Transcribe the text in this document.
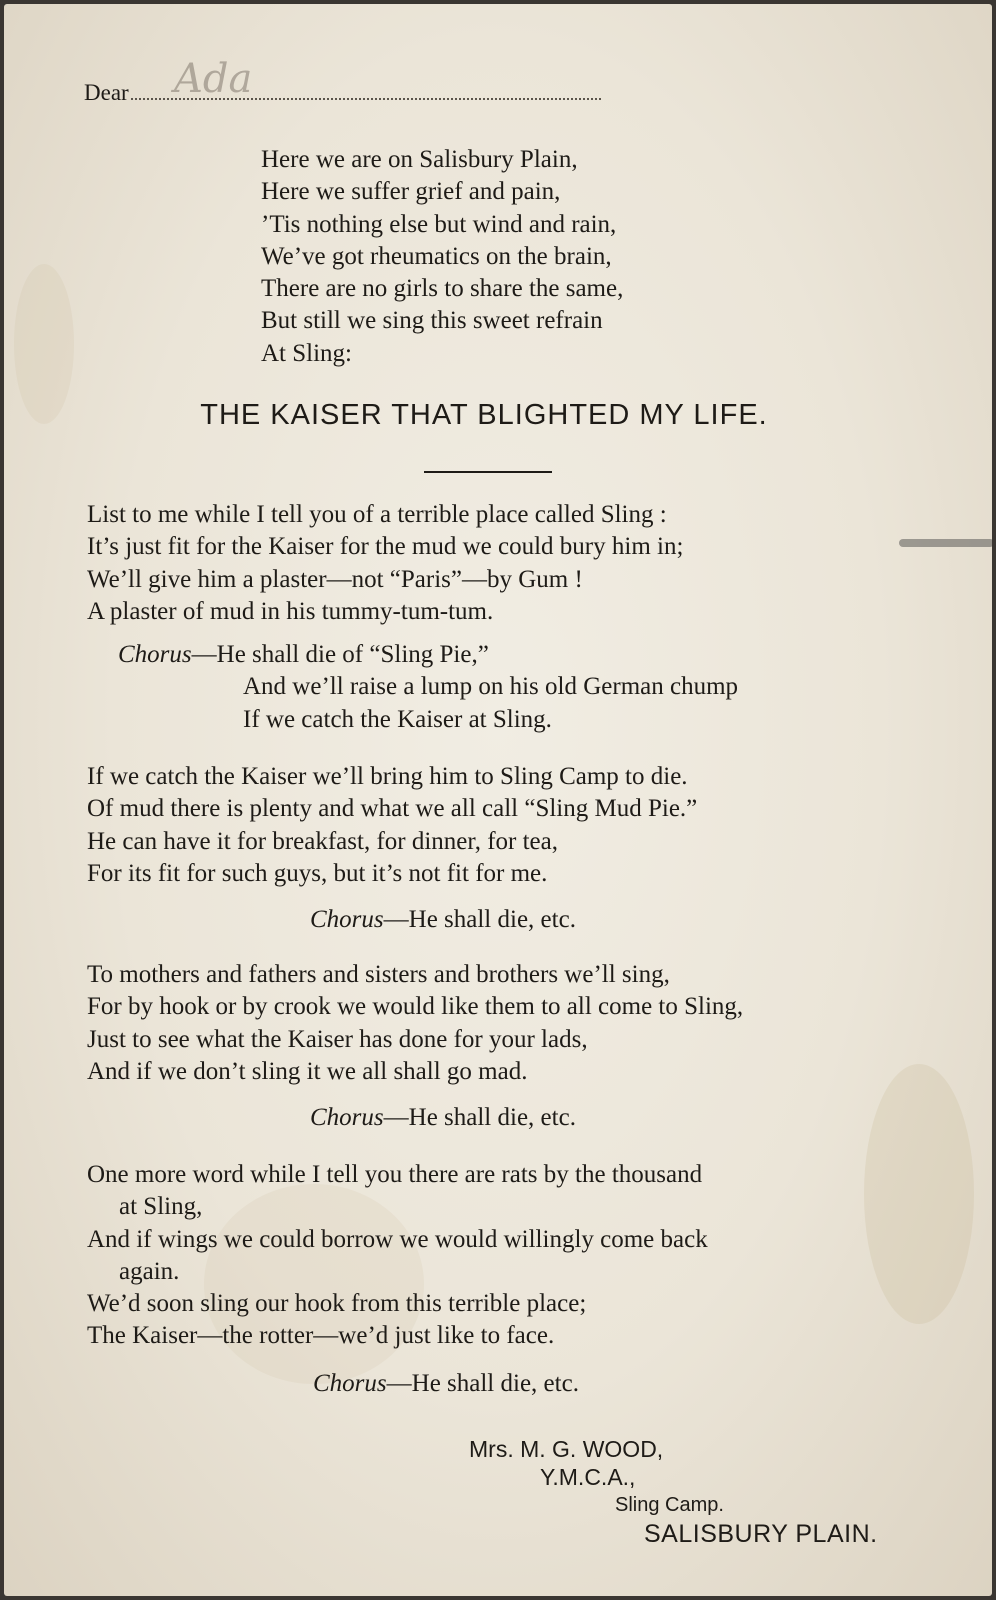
Dear Ada
Here we are on Salisbury Plain,
Here we suffer grief and pain,
’Tis nothing else but wind and rain,
We’ve got rheumatics on the brain,
There are no girls to share the same,
But still we sing this sweet refrain
At Sling:
THE KAISER THAT BLIGHTED MY LIFE.
List to me while I tell you of a terrible place called Sling :
It’s just fit for the Kaiser for the mud we could bury him in;
We’ll give him a plaster—not “Paris”—by Gum !
A plaster of mud in his tummy-tum-tum.
Chorus—He shall die of “Sling Pie,”
And we’ll raise a lump on his old German chump
If we catch the Kaiser at Sling.
If we catch the Kaiser we’ll bring him to Sling Camp to die.
Of mud there is plenty and what we all call “Sling Mud Pie.”
He can have it for breakfast, for dinner, for tea,
For its fit for such guys, but it’s not fit for me.
Chorus—He shall die, etc.
To mothers and fathers and sisters and brothers we’ll sing,
For by hook or by crook we would like them to all come to Sling,
Just to see what the Kaiser has done for your lads,
And if we don’t sling it we all shall go mad.
Chorus—He shall die, etc.
One more word while I tell you there are rats by the thousand
at Sling,
And if wings we could borrow we would willingly come back
again.
We’d soon sling our hook from this terrible place;
The Kaiser—the rotter—we’d just like to face.
Chorus—He shall die, etc.
Mrs. M. G. WOOD,
Y.M.C.A.,
Sling Camp.
SALISBURY PLAIN.
